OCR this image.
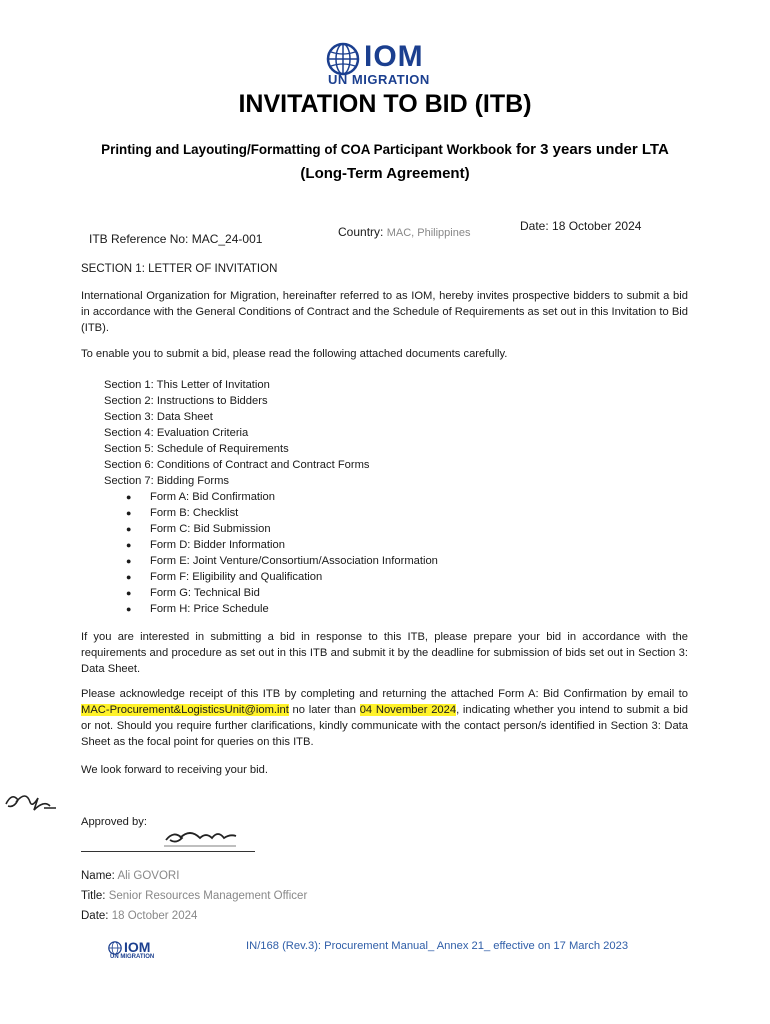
IOM
UN MIGRATION
INVITATION TO BID (ITB)
Printing and Layouting/Formatting of COA Participant Workbook for 3 years under LTA
(Long-Term Agreement)
Date: 18 October 2024
Country: MAC, Philippines
ITB Reference No: MAC_24-001
SECTION 1: LETTER OF INVITATION
International Organization for Migration, hereinafter referred to as IOM, hereby invites prospective bidders to submit a bid in accordance with the General Conditions of Contract and the Schedule of Requirements as set out in this Invitation to Bid (ITB).
To enable you to submit a bid, please read the following attached documents carefully.
Section 1: This Letter of Invitation
Section 2: Instructions to Bidders
Section 3: Data Sheet
Section 4: Evaluation Criteria
Section 5: Schedule of Requirements
Section 6: Conditions of Contract and Contract Forms
Section 7: Bidding Forms
●	Form A: Bid Confirmation
●	Form B: Checklist
●	Form C: Bid Submission
●	Form D: Bidder Information
●	Form E: Joint Venture/Consortium/Association Information
●	Form F: Eligibility and Qualification
●	Form G: Technical Bid
●	Form H: Price Schedule
If you are interested in submitting a bid in response to this ITB, please prepare your bid in accordance with the requirements and procedure as set out in this ITB and submit it by the deadline for submission of bids set out in Section 3: Data Sheet.
Please acknowledge receipt of this ITB by completing and returning the attached Form A: Bid Confirmation by email to MAC-Procurement&LogisticsUnit@iom.int no later than 04 November 2024, indicating whether you intend to submit a bid or not. Should you require further clarifications, kindly communicate with the contact person/s identified in Section 3: Data Sheet as the focal point for queries on this ITB.
We look forward to receiving your bid.
Approved by:
Name: Ali GOVORI
Title: Senior Resources Management Officer
Date: 18 October 2024
IOM
UN MIGRATION
IN/168 (Rev.3): Procurement Manual_ Annex 21_ effective on 17 March 2023
